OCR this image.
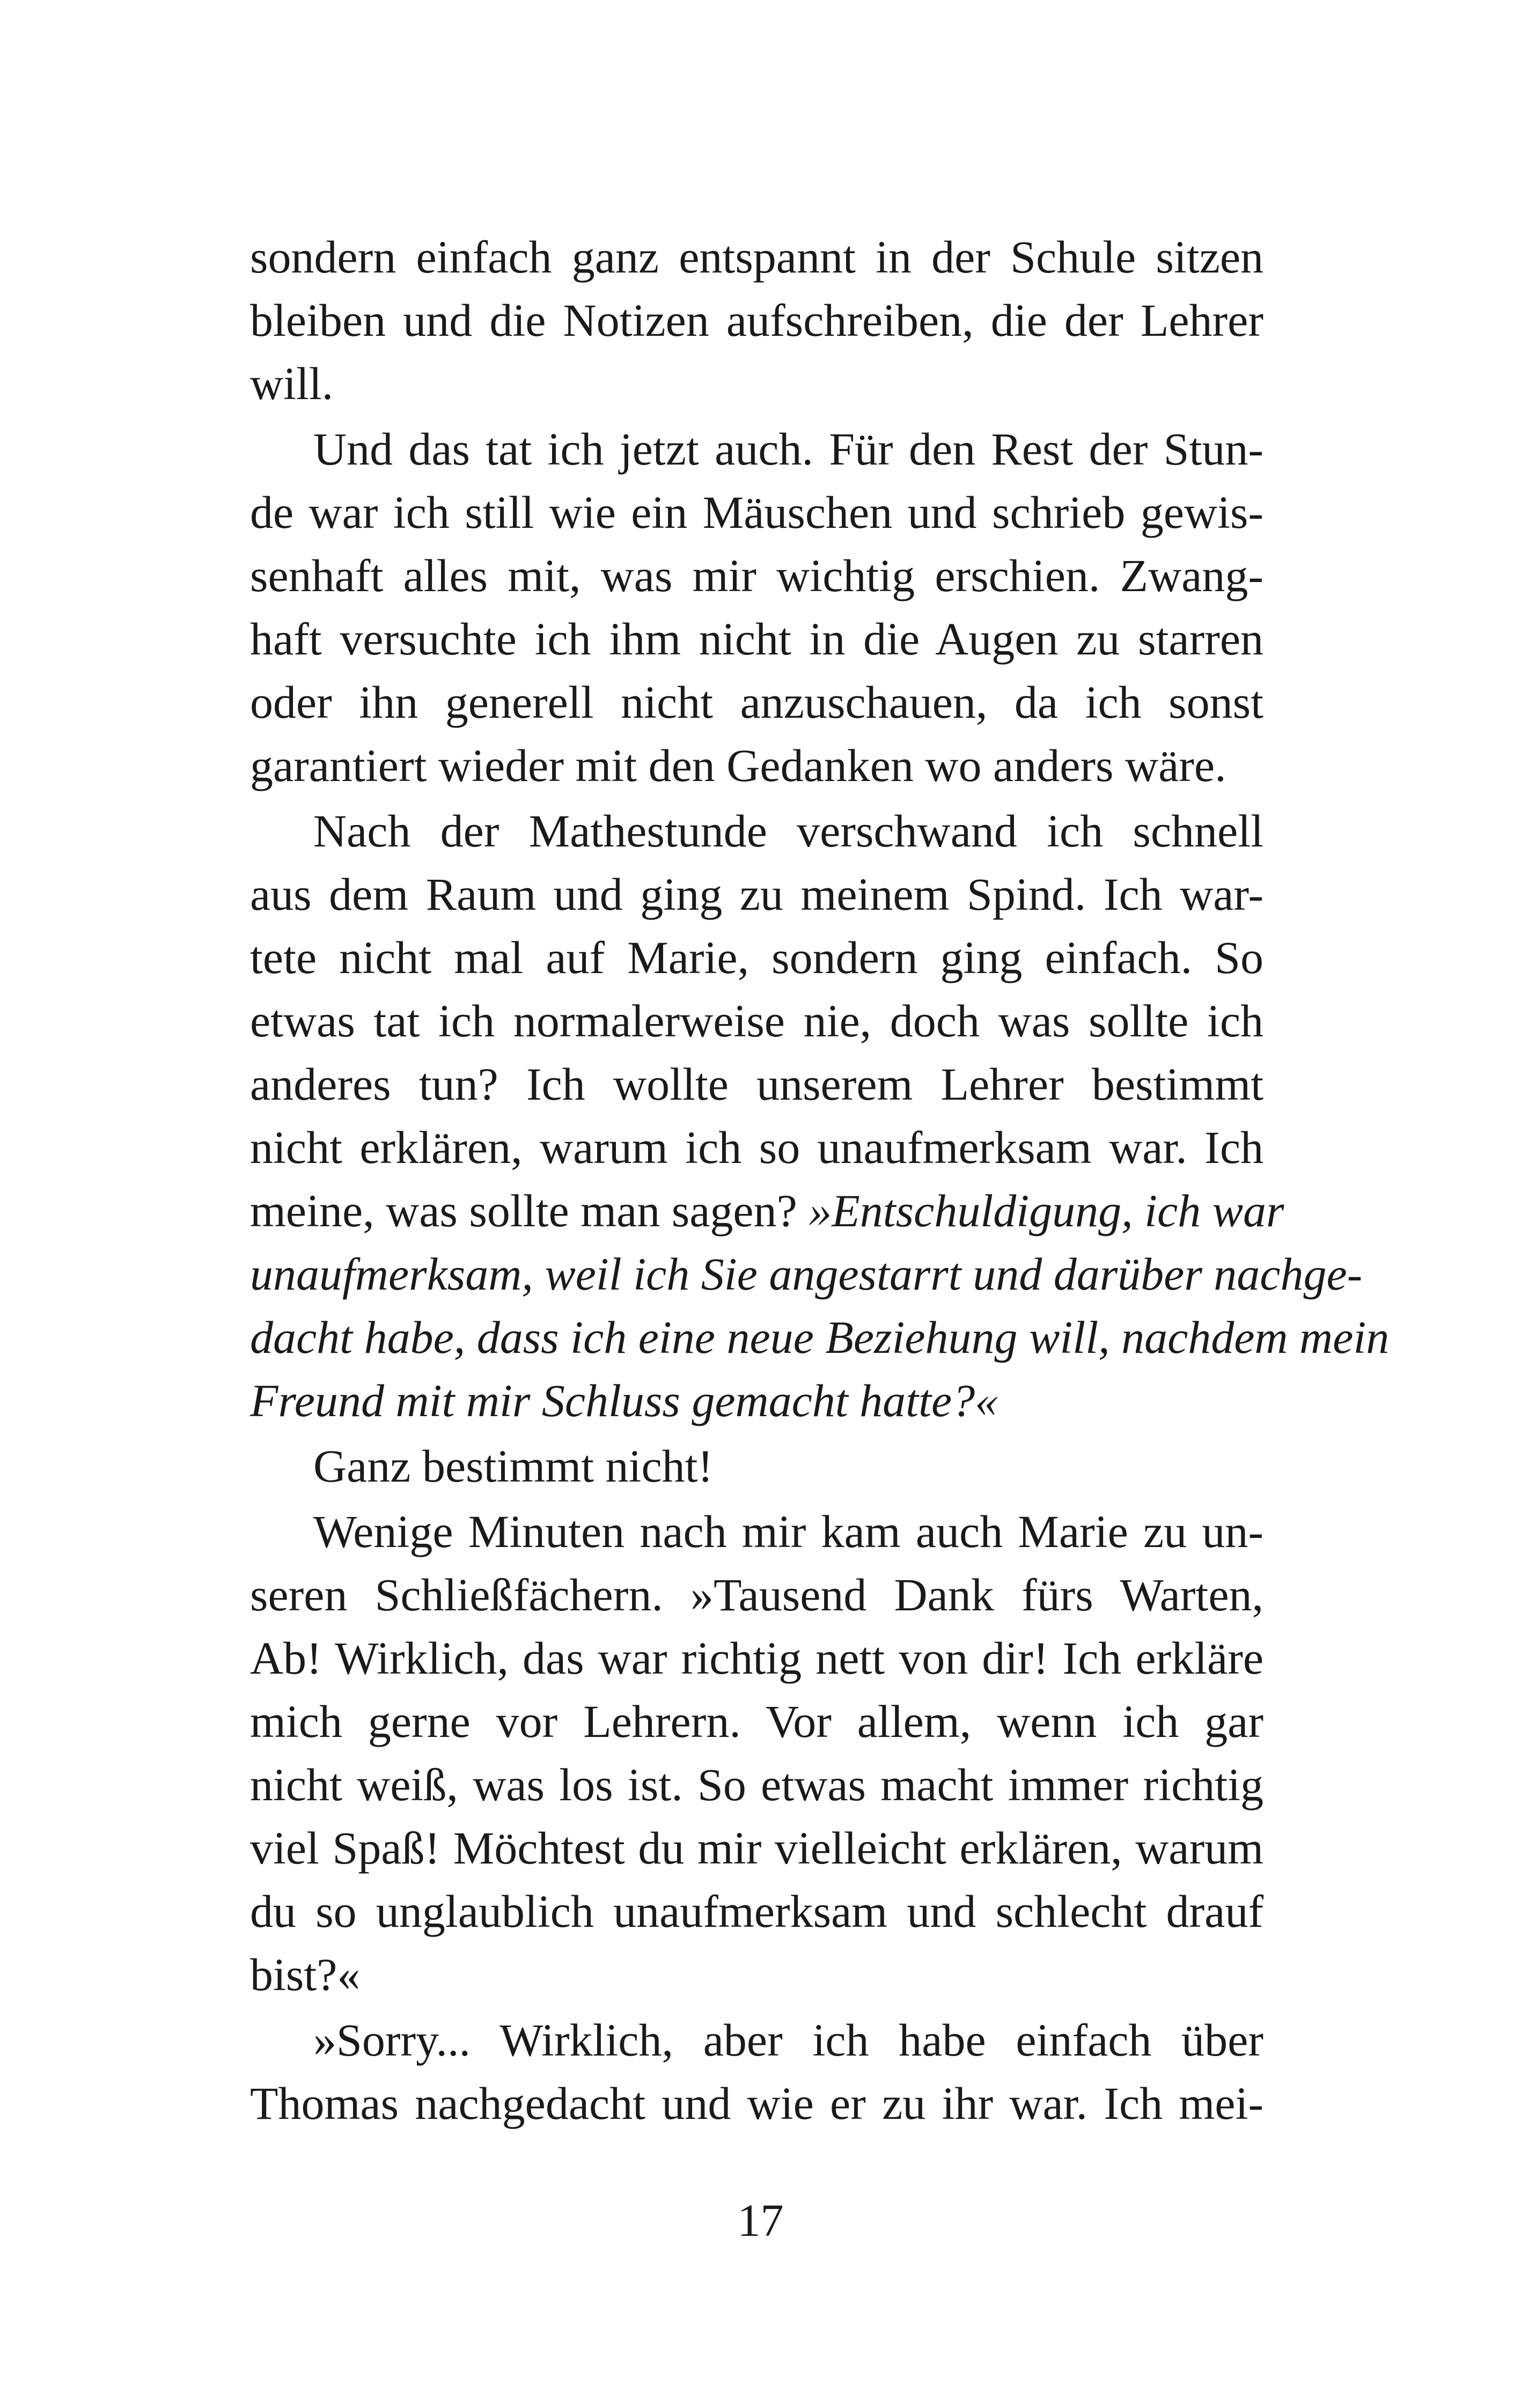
sondern einfach ganz entspannt in der Schule sitzen
bleiben und die Notizen aufschreiben, die der Lehrer
will.
Und das tat ich jetzt auch. Für den Rest der Stun-
de war ich still wie ein Mäuschen und schrieb gewis-
senhaft alles mit, was mir wichtig erschien. Zwang-
haft versuchte ich ihm nicht in die Augen zu starren
oder ihn generell nicht anzuschauen, da ich sonst
garantiert wieder mit den Gedanken wo anders wäre.
Nach der Mathestunde verschwand ich schnell
aus dem Raum und ging zu meinem Spind. Ich war-
tete nicht mal auf Marie, sondern ging einfach. So
etwas tat ich normalerweise nie, doch was sollte ich
anderes tun? Ich wollte unserem Lehrer bestimmt
nicht erklären, warum ich so unaufmerksam war. Ich
meine, was sollte man sagen? »Entschuldigung, ich war
unaufmerksam, weil ich Sie angestarrt und darüber nachge-
dacht habe, dass ich eine neue Beziehung will, nachdem mein
Freund mit mir Schluss gemacht hatte?«
Ganz bestimmt nicht!
Wenige Minuten nach mir kam auch Marie zu un-
seren Schließfächern. »Tausend Dank fürs Warten,
Ab! Wirklich, das war richtig nett von dir! Ich erkläre
mich gerne vor Lehrern. Vor allem, wenn ich gar
nicht weiß, was los ist. So etwas macht immer richtig
viel Spaß! Möchtest du mir vielleicht erklären, warum
du so unglaublich unaufmerksam und schlecht drauf
bist?«
»Sorry... Wirklich, aber ich habe einfach über
Thomas nachgedacht und wie er zu ihr war. Ich mei-
17
